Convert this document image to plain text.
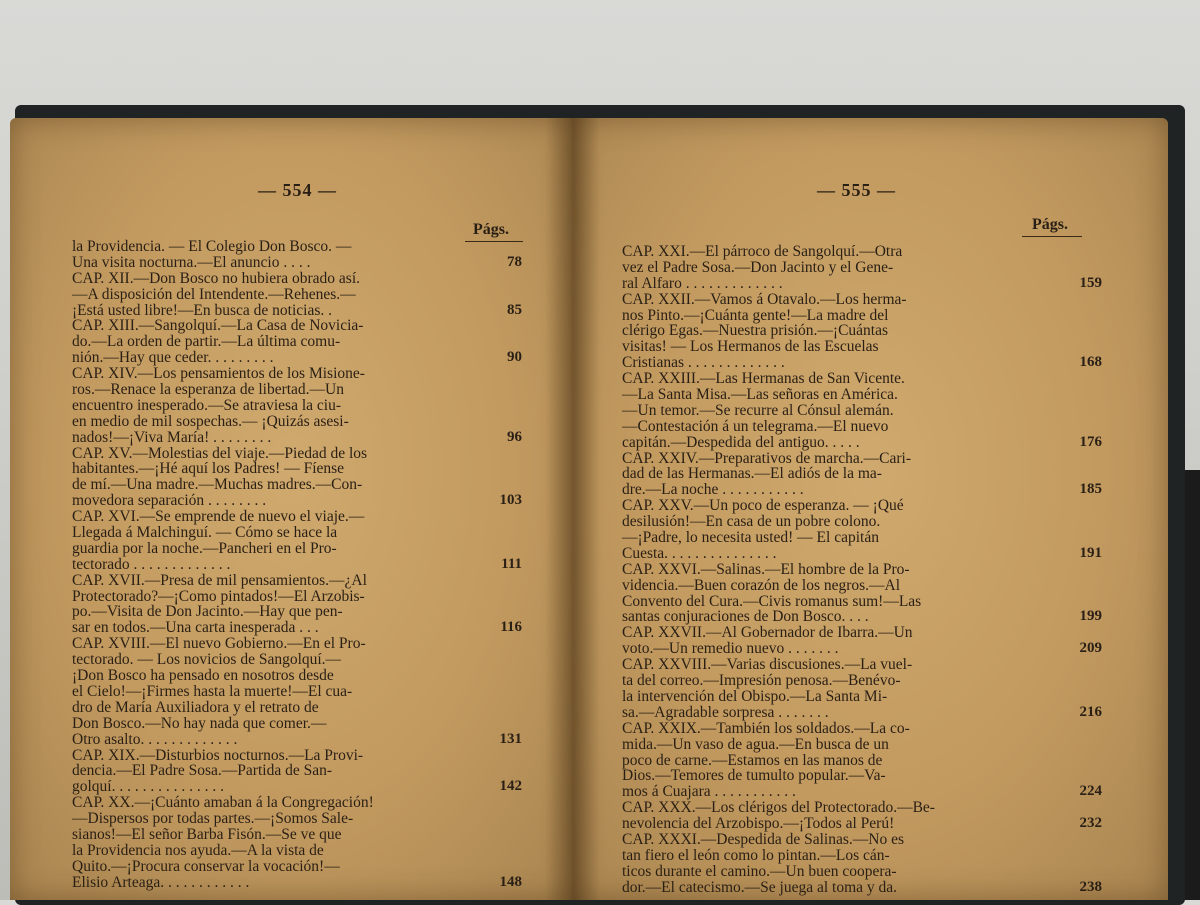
— 554 —
Págs.
la Providencia. — El Colegio Don Bosco. —
Una visita nocturna.—El anuncio . . . .	78
CAP. XII.—Don Bosco no hubiera obrado así.
—A disposición del Intendente.—Rehenes.—
¡Está usted libre!—En busca de noticias. .	85
CAP. XIII.—Sangolquí.—La Casa de Novicia-
do.—La orden de partir.—La última comu-
nión.—Hay que ceder. . . . . . . . .	90
CAP. XIV.—Los pensamientos de los Misione-
ros.—Renace la esperanza de libertad.—Un
encuentro inesperado.—Se atraviesa la ciu-
en medio de mil sospechas.— ¡Quizás asesi-
nados!—¡Viva María! . . . . . . . .	96
CAP. XV.—Molestias del viaje.—Piedad de los
habitantes.—¡Hé aquí los Padres! — Fíense
de mí.—Una madre.—Muchas madres.—Con-
movedora separación . . . . . . . .	103
CAP. XVI.—Se emprende de nuevo el viaje.—
Llegada á Malchinguí. — Cómo se hace la
guardia por la noche.—Pancheri en el Pro-
tectorado . . . . . . . . . . . . .	111
CAP. XVII.—Presa de mil pensamientos.—¿Al
Protectorado?—¡Como pintados!—El Arzobis-
po.—Visita de Don Jacinto.—Hay que pen-
sar en todos.—Una carta inesperada . . .	116
CAP. XVIII.—El nuevo Gobierno.—En el Pro-
tectorado. — Los novicios de Sangolquí.—
¡Don Bosco ha pensado en nosotros desde
el Cielo!—¡Firmes hasta la muerte!—El cua-
dro de María Auxiliadora y el retrato de
Don Bosco.—No hay nada que comer.—
Otro asalto. . . . . . . . . . . . .	131
CAP. XIX.—Disturbios nocturnos.—La Provi-
dencia.—El Padre Sosa.—Partida de San-
golquí. . . . . . . . . . . . . . .	142
CAP. XX.—¡Cuánto amaban á la Congregación!
—Dispersos por todas partes.—¡Somos Sale-
sianos!—El señor Barba Fisón.—Se ve que
la Providencia nos ayuda.—A la vista de
Quito.—¡Procura conservar la vocación!—
Elisio Arteaga. . . . . . . . . . . .	148
— 555 —
Págs.
CAP. XXI.—El párroco de Sangolquí.—Otra
vez el Padre Sosa.—Don Jacinto y el Gene-
ral Alfaro . . . . . . . . . . . . .	159
CAP. XXII.—Vamos á Otavalo.—Los herma-
nos Pinto.—¡Cuánta gente!—La madre del
clérigo Egas.—Nuestra prisión.—¡Cuántas
visitas! — Los Hermanos de las Escuelas
Cristianas . . . . . . . . . . . . .	168
CAP. XXIII.—Las Hermanas de San Vicente.
—La Santa Misa.—Las señoras en América.
—Un temor.—Se recurre al Cónsul alemán.
—Contestación á un telegrama.—El nuevo
capitán.—Despedida del antiguo. . . . .	176
CAP. XXIV.—Preparativos de marcha.—Cari-
dad de las Hermanas.—El adiós de la ma-
dre.—La noche . . . . . . . . . . .	185
CAP. XXV.—Un poco de esperanza. — ¡Qué
desilusión!—En casa de un pobre colono.
—¡Padre, lo necesita usted! — El capitán
Cuesta. . . . . . . . . . . . . . .	191
CAP. XXVI.—Salinas.—El hombre de la Pro-
videncia.—Buen corazón de los negros.—Al
Convento del Cura.—Civis romanus sum!—Las
santas conjuraciones de Don Bosco. . . .	199
CAP. XXVII.—Al Gobernador de Ibarra.—Un
voto.—Un remedio nuevo . . . . . . .	209
CAP. XXVIII.—Varias discusiones.—La vuel-
ta del correo.—Impresión penosa.—Benévo-
la intervención del Obispo.—La Santa Mi-
sa.—Agradable sorpresa . . . . . . .	216
CAP. XXIX.—También los soldados.—La co-
mida.—Un vaso de agua.—En busca de un
poco de carne.—Estamos en las manos de
Dios.—Temores de tumulto popular.—Va-
mos á Cuajara . . . . . . . . . . .	224
CAP. XXX.—Los clérigos del Protectorado.—Be-
nevolencia del Arzobispo.—¡Todos al Perú!	232
CAP. XXXI.—Despedida de Salinas.—No es
tan fiero el león como lo pintan.—Los cán-
ticos durante el camino.—Un buen coopera-
dor.—El catecismo.—Se juega al toma y da.	238
